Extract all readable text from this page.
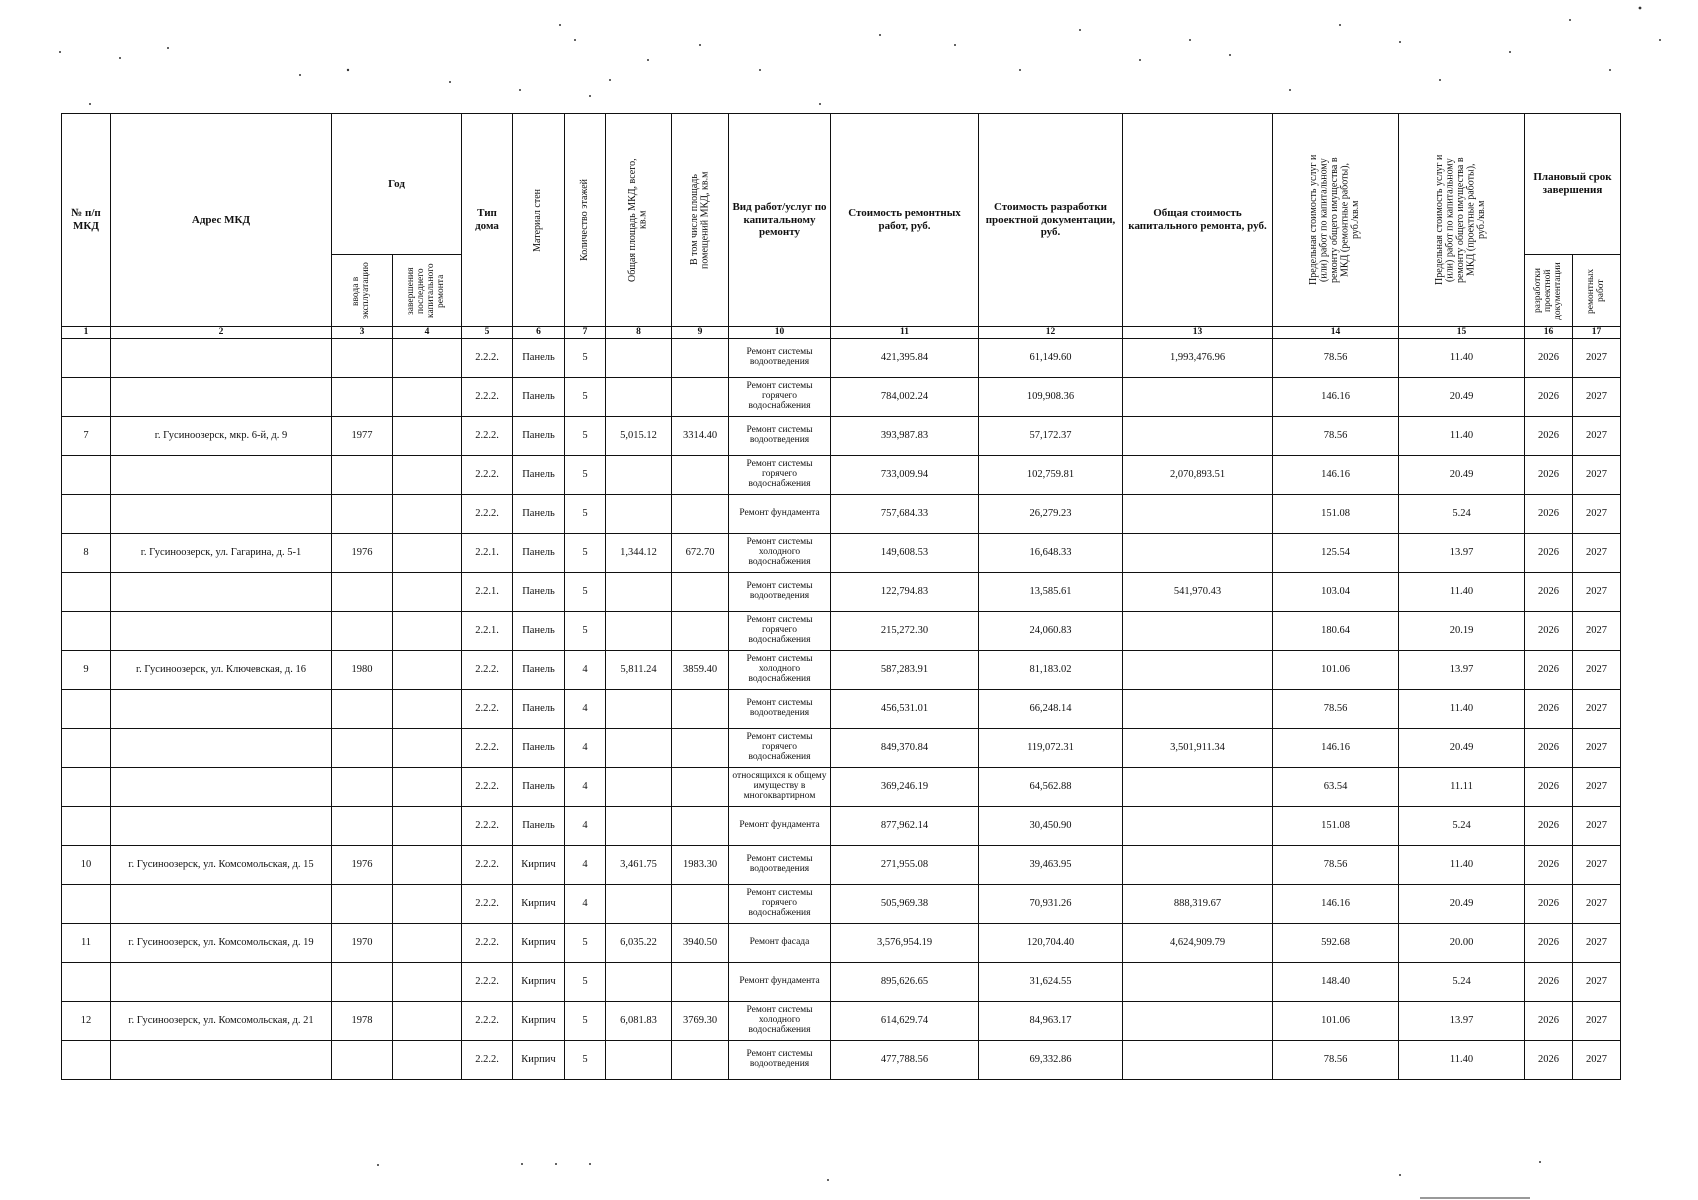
№ п/п МКД	Адрес МКД	Год		Тип дома	Материал стен	Количество этажей	Общая площадь МКД, всего, кв.м	В том числе площадь помещений МКД, кв.м	Вид работ/услуг по капитальному ремонту	Стоимость ремонтных работ, руб.	Стоимость разработки проектной документации, руб.	Общая стоимость капитального ремонта, руб.	Предельная стоимость услуг и (или) работ по капитальному ремонту общего имущества в МКД (ремонтные работы), руб./кв.м	Предельная стоимость услуг и (или) работ по капитальному ремонту общего имущества в МКД (проектные работы), руб./кв.м	Плановый срок завершения	

		ввода в эксплуатацию	завершения последнего капитального ремонта												разработки проектной документации	ремонтных работ

1	2	3	4	5	6	7	8	9	10	11	12	13	14	15	16	17
				2.2.2.	Панель	5			Ремонт системы водоотведения	421,395.84	61,149.60	1,993,476.96	78.56	11.40	2026	2027
				2.2.2.	Панель	5			Ремонт системы горячего водоснабжения	784,002.24	109,908.36		146.16	20.49	2026	2027
7	г. Гусиноозерск, мкр. 6-й, д. 9	1977		2.2.2.	Панель	5	5,015.12	3314.40	Ремонт системы водоотведения	393,987.83	57,172.37		78.56	11.40	2026	2027
				2.2.2.	Панель	5			Ремонт системы горячего водоснабжения	733,009.94	102,759.81	2,070,893.51	146.16	20.49	2026	2027
				2.2.2.	Панель	5			Ремонт фундамента	757,684.33	26,279.23		151.08	5.24	2026	2027
8	г. Гусиноозерск, ул. Гагарина, д. 5-1	1976		2.2.1.	Панель	5	1,344.12	672.70	Ремонт системы холодного водоснабжения	149,608.53	16,648.33		125.54	13.97	2026	2027
				2.2.1.	Панель	5			Ремонт системы водоотведения	122,794.83	13,585.61	541,970.43	103.04	11.40	2026	2027
				2.2.1.	Панель	5			Ремонт системы горячего водоснабжения	215,272.30	24,060.83		180.64	20.19	2026	2027
9	г. Гусиноозерск, ул. Ключевская, д. 16	1980		2.2.2.	Панель	4	5,811.24	3859.40	Ремонт системы холодного водоснабжения	587,283.91	81,183.02		101.06	13.97	2026	2027
				2.2.2.	Панель	4			Ремонт системы водоотведения	456,531.01	66,248.14		78.56	11.40	2026	2027
				2.2.2.	Панель	4			Ремонт системы горячего водоснабжения	849,370.84	119,072.31	3,501,911.34	146.16	20.49	2026	2027
				2.2.2.	Панель	4			относящихся к общему имуществу в многоквартирном	369,246.19	64,562.88		63.54	11.11	2026	2027
				2.2.2.	Панель	4			Ремонт фундамента	877,962.14	30,450.90		151.08	5.24	2026	2027
10	г. Гусиноозерск, ул. Комсомольская, д. 15	1976		2.2.2.	Кирпич	4	3,461.75	1983.30	Ремонт системы водоотведения	271,955.08	39,463.95		78.56	11.40	2026	2027
				2.2.2.	Кирпич	4			Ремонт системы горячего водоснабжения	505,969.38	70,931.26	888,319.67	146.16	20.49	2026	2027
11	г. Гусиноозерск, ул. Комсомольская, д. 19	1970		2.2.2.	Кирпич	5	6,035.22	3940.50	Ремонт фасада	3,576,954.19	120,704.40	4,624,909.79	592.68	20.00	2026	2027
				2.2.2.	Кирпич	5			Ремонт фундамента	895,626.65	31,624.55		148.40	5.24	2026	2027
12	г. Гусиноозерск, ул. Комсомольская, д. 21	1978		2.2.2.	Кирпич	5	6,081.83	3769.30	Ремонт системы холодного водоснабжения	614,629.74	84,963.17		101.06	13.97	2026	2027
				2.2.2.	Кирпич	5			Ремонт системы водоотведения	477,788.56	69,332.86		78.56	11.40	2026	2027
